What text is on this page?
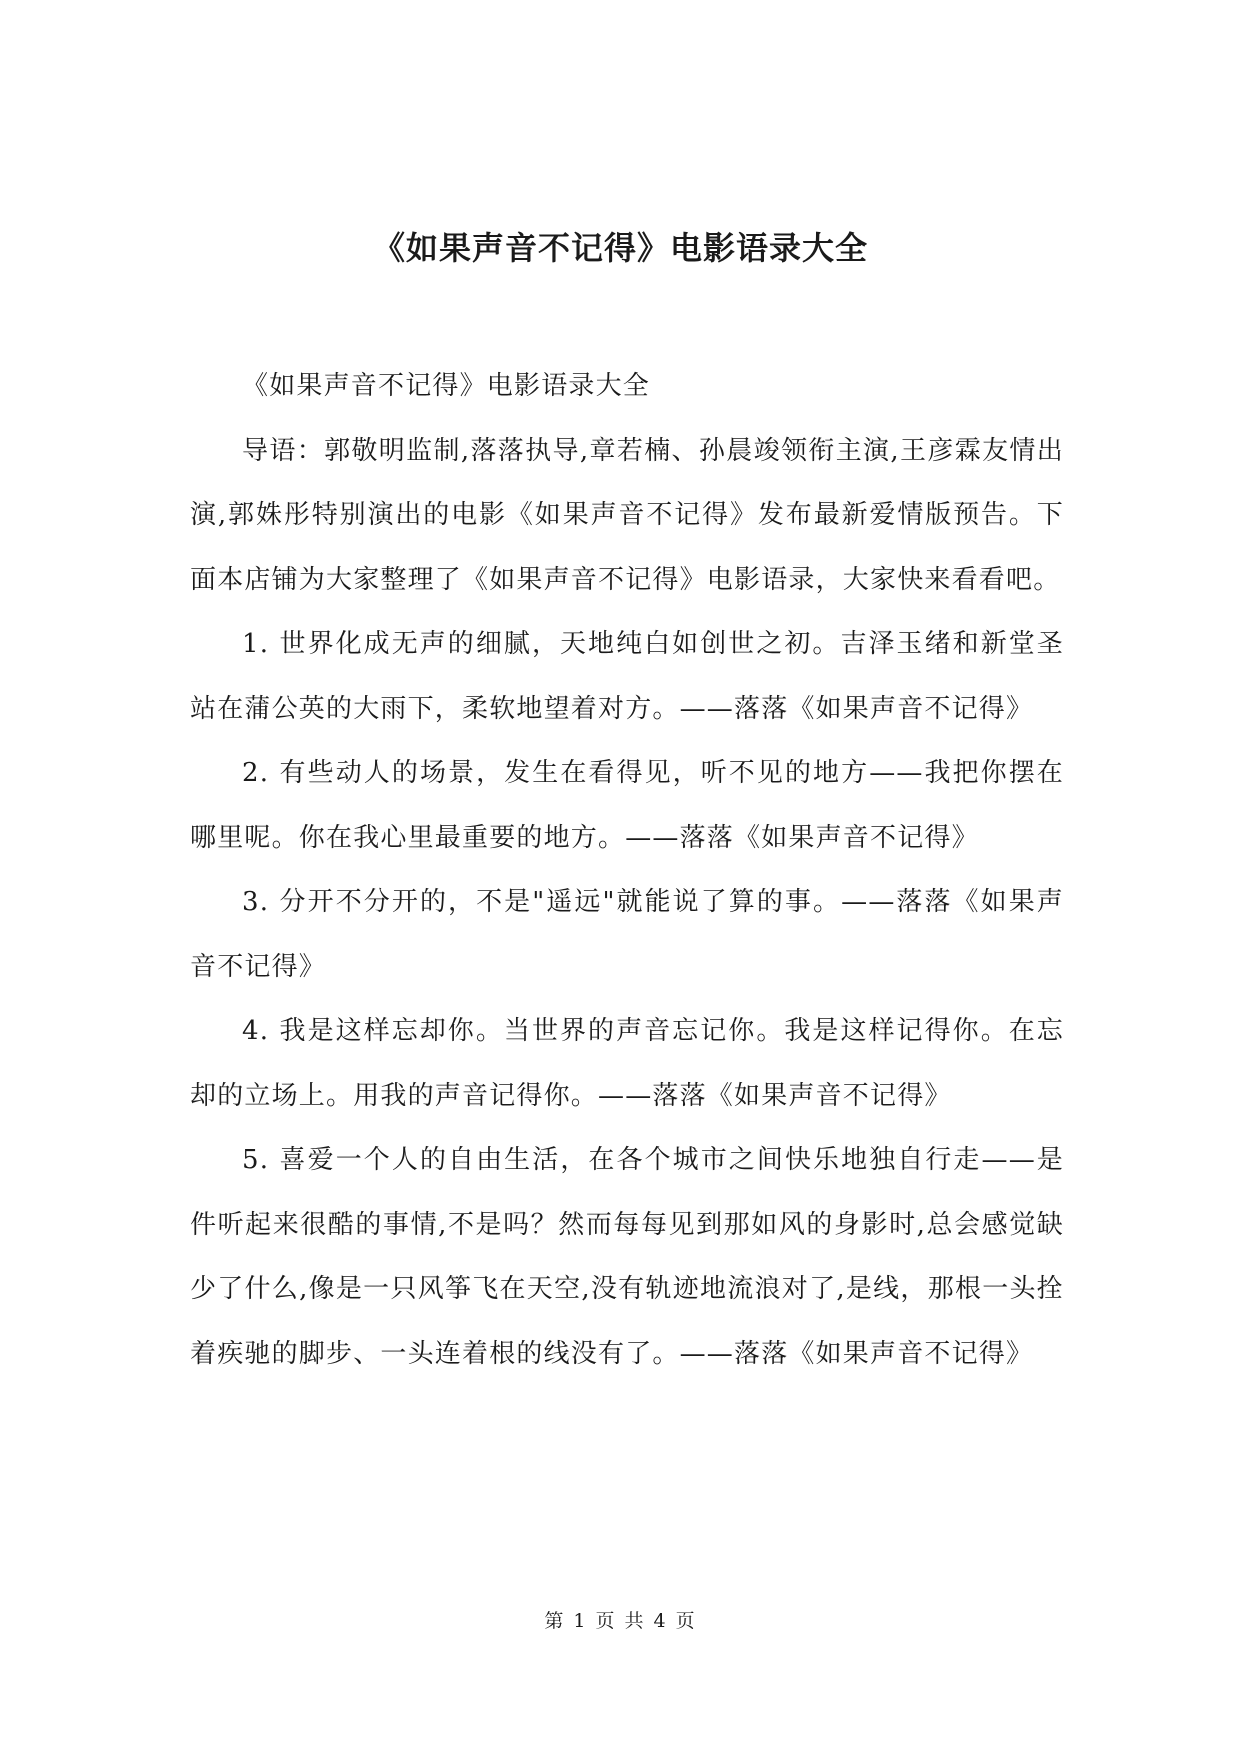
《如果声音不记得》电影语录大全

《如果声音不记得》电影语录大全

导语：郭敬明监制,落落执导,章若楠、孙晨竣领衔主演,王彦霖友情出演,郭姝彤特别演出的电影《如果声音不记得》发布最新爱情版预告。下面本店铺为大家整理了《如果声音不记得》电影语录，大家快来看看吧。

1. 世界化成无声的细腻，天地纯白如创世之初。吉泽玉绪和新堂圣站在蒲公英的大雨下，柔软地望着对方。——落落《如果声音不记得》

2. 有些动人的场景，发生在看得见，听不见的地方——我把你摆在哪里呢。你在我心里最重要的地方。——落落《如果声音不记得》

3. 分开不分开的，不是"遥远"就能说了算的事。——落落《如果声音不记得》

4. 我是这样忘却你。当世界的声音忘记你。我是这样记得你。在忘却的立场上。用我的声音记得你。——落落《如果声音不记得》

5. 喜爱一个人的自由生活，在各个城市之间快乐地独自行走——是件听起来很酷的事情,不是吗？然而每每见到那如风的身影时,总会感觉缺少了什么,像是一只风筝飞在天空,没有轨迹地流浪对了,是线，那根一头拴着疾驰的脚步、一头连着根的线没有了。——落落《如果声音不记得》

第 1 页 共 4 页
